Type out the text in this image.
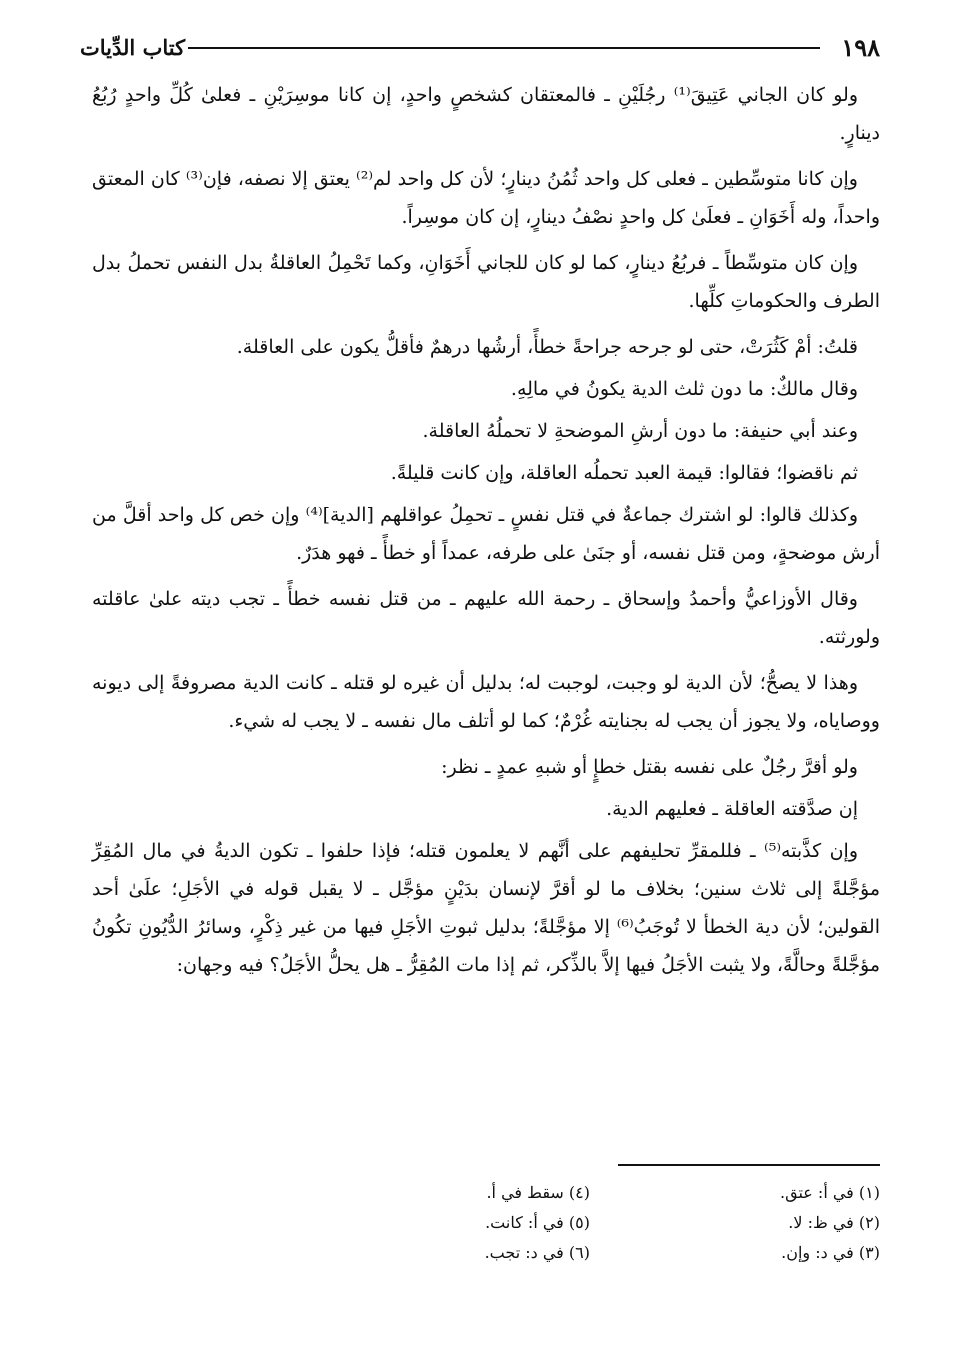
١٩٨
كتاب الدِّيات

ولو كان الجاني عَتِيقَ⁽¹⁾ رجُلَيْنِ ـ فالمعتقان كشخصٍ واحدٍ، إن كانا موسِرَيْنِ ـ فعلىٰ كُلِّ واحدٍ رُبُعُ دينارٍ.

وإن كانا متوسِّطين ـ فعلى كل واحد ثُمُنُ دينارٍ؛ لأن كل واحد لم⁽²⁾ يعتق إلا نصفه، فإن⁽³⁾ كان المعتق واحداً، وله أَخَوَانِ ـ فعلَىٰ كل واحدٍ نصْفُ دينارٍ، إن كان موسِراً.

وإن كان متوسِّطاً ـ فربُعُ دينارٍ، كما لو كان للجاني أَخَوَانِ، وكما تَحْمِلُ العاقلةُ بدل النفس تحملُ بدل الطرف والحكوماتِ كلِّها.

قلتُ: أمْ كَثُرَتْ، حتى لو جرحه جراحةً خطأً، أرشُها درهمٌ فأقلُّ يكون على العاقلة.

وقال مالكٌ: ما دون ثلث الدية يكونُ في مالِهِ.

وعند أبي حنيفة: ما دون أرشِ الموضحةِ لا تحملُهُ العاقلة.

ثم ناقضوا؛ فقالوا: قيمة العبد تحملُه العاقلة، وإن كانت قليلةً.

وكذلك قالوا: لو اشترك جماعةٌ في قتل نفسٍ ـ تحمِلُ عواقلهم [الدية]⁽⁴⁾ وإن خص كل واحد أقلَّ من أرش موضحةٍ، ومن قتل نفسه، أو جنَىٰ على طرفه، عمداً أو خطأً ـ فهو هدَرٌ.

وقال الأوزاعيُّ وأحمدُ وإسحاق ـ رحمة الله عليهم ـ من قتل نفسه خطأً ـ تجب ديته علىٰ عاقلته ولورثته.

وهذا لا يصحُّ؛ لأن الدية لو وجبت، لوجبت له؛ بدليل أن غيره لو قتله ـ كانت الدية مصروفةً إلى ديونه ووصاياه، ولا يجوز أن يجب له بجنايته غُرْمٌ؛ كما لو أتلف مال نفسه ـ لا يجب له شيء.

ولو أقرَّ رجُلٌ على نفسه بقتل خطإٍ أو شبهِ عمدٍ ـ نظر:

إن صدَّقته العاقلة ـ فعليهم الدية.

وإن كذَّبته⁽⁵⁾ ـ فللمقرِّ تحليفهم على أنَّهم لا يعلمون قتله؛ فإذا حلفوا ـ تكون الديةُ في مال المُقِرِّ مؤجَّلةً إلى ثلاث سنين؛ بخلاف ما لو أقرَّ لإنسان بدَيْنٍ مؤجَّل ـ لا يقبل قوله في الأجَلِ؛ علَىٰ أحد القولين؛ لأن دية الخطأ لا تُوجَبُ⁽⁶⁾ إلا مؤجَّلةً؛ بدليل ثبوتِ الأجَلِ فيها من غير ذِكْرٍ، وسائرُ الدُّيُونِ تكُونُ مؤجَّلةً وحالَّةً، ولا يثبت الأجَلُ فيها إلاَّ بالذِّكر، ثم إذا مات المُقِرُّ ـ هل يحلُّ الأجَلُ؟ فيه وجهان:

(١) في أ: عتق.
(٢) في ظ: لا.
(٣) في د: وإن.
(٤) سقط في أ.
(٥) في أ: كانت.
(٦) في د: تجب.
